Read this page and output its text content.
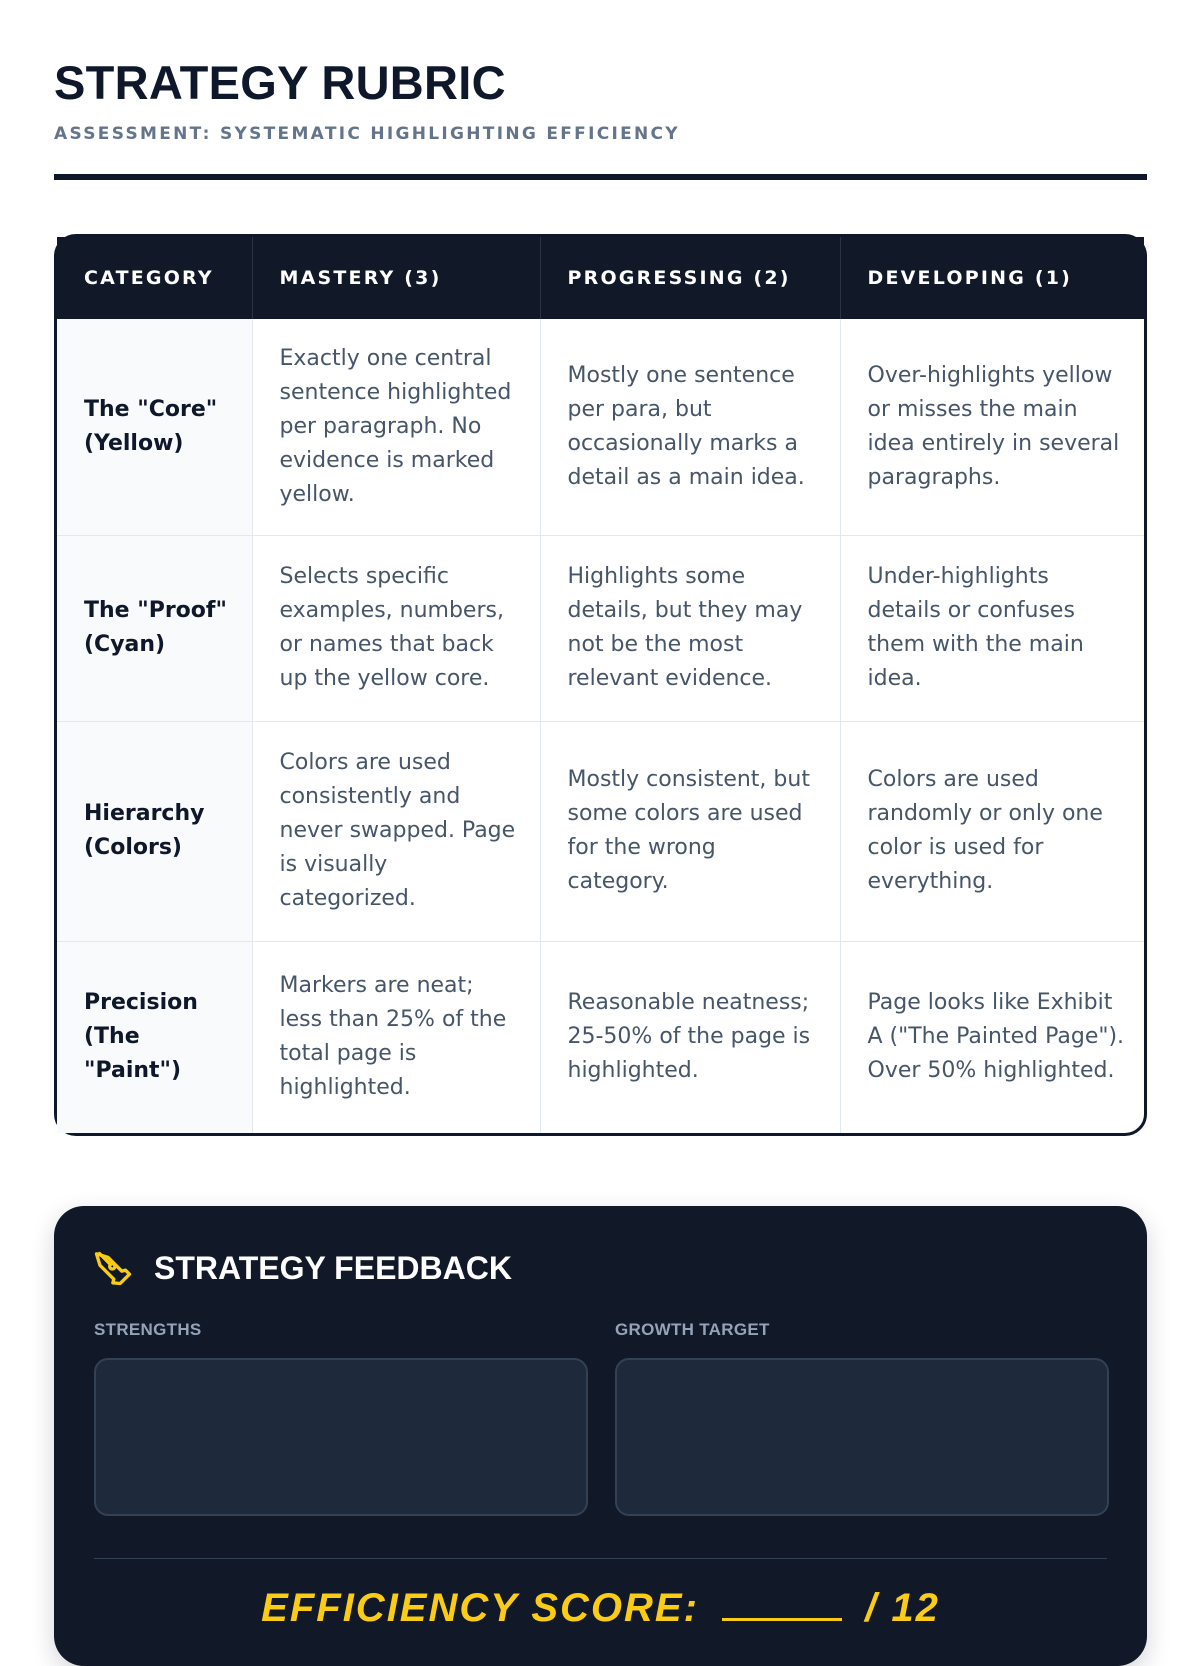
STRATEGY RUBRIC
ASSESSMENT: SYSTEMATIC HIGHLIGHTING EFFICIENCY
CATEGORY	MASTERY (3)	PROGRESSING (2)	DEVELOPING (1)
The "Core" (Yellow)	Exactly one central sentence highlighted per paragraph. No evidence is marked yellow.	Mostly one sentence per para, but occasionally marks a detail as a main idea.	Over-highlights yellow or misses the main idea entirely in several paragraphs.
The "Proof" (Cyan)	Selects specific examples, numbers, or names that back up the yellow core.	Highlights some details, but they may not be the most relevant evidence.	Under-highlights details or confuses them with the main idea.
Hierarchy (Colors)	Colors are used consistently and never swapped. Page is visually categorized.	Mostly consistent, but some colors are used for the wrong category.	Colors are used randomly or only one color is used for everything.
Precision (The "Paint")	Markers are neat; less than 25% of the total page is highlighted.	Reasonable neatness; 25-50% of the page is highlighted.	Page looks like Exhibit A ("The Painted Page"). Over 50% highlighted.
STRATEGY FEEDBACK
STRENGTHS	GROWTH TARGET
EFFICIENCY SCORE:	/ 12
